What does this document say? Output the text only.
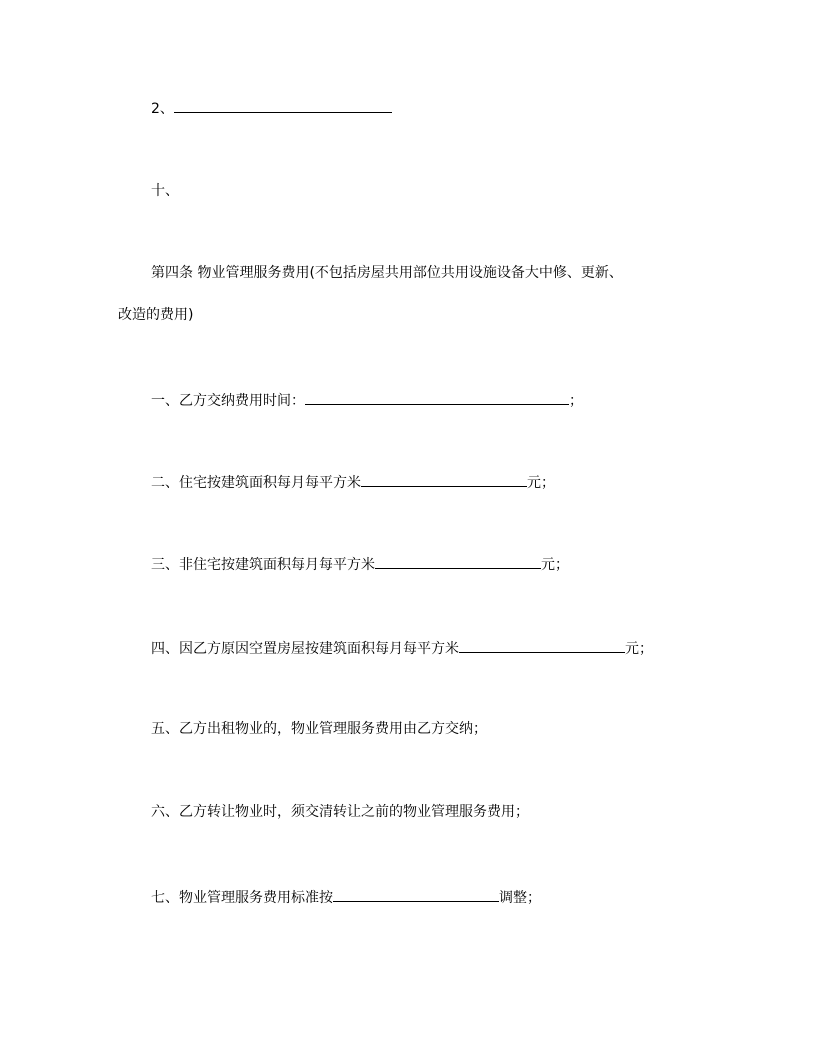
2、
十、
第四条 物业管理服务费用(不包括房屋共用部位共用设施设备大中修、更新、
改造的费用)
一、乙方交纳费用时间：	；
二、住宅按建筑面积每月每平方米	元；
三、非住宅按建筑面积每月每平方米	元；
四、因乙方原因空置房屋按建筑面积每月每平方米	元；
五、乙方出租物业的，物业管理服务费用由乙方交纳；
六、乙方转让物业时，须交清转让之前的物业管理服务费用；
七、物业管理服务费用标准按	调整；
